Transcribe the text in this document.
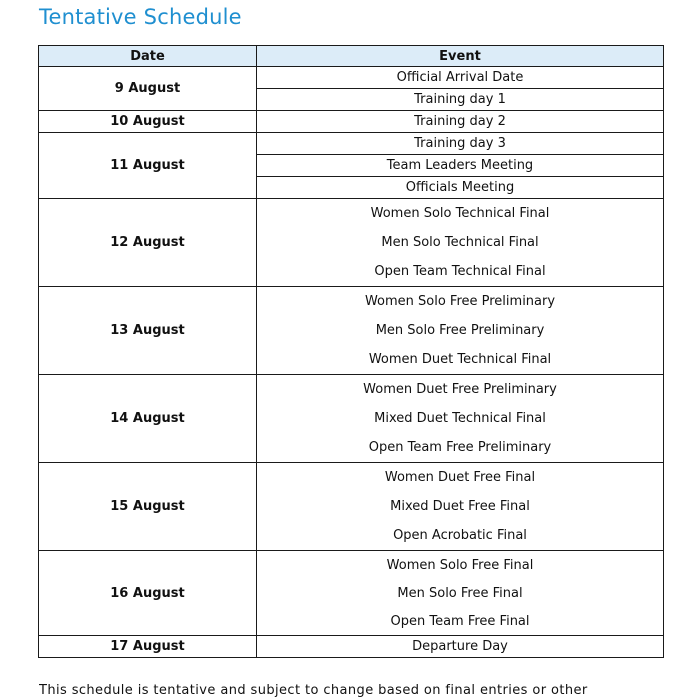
Tentative Schedule
Date	Event
9 August	Official Arrival Date
Training day 1

10 August	Training day 2

11 August	Training day 3
Team Leaders Meeting
Officials Meeting

12 August	Women Solo Technical Final
Men Solo Technical Final
Open Team Technical Final

13 August	Women Solo Free Preliminary
Men Solo Free Preliminary
Women Duet Technical Final

14 August	Women Duet Free Preliminary
Mixed Duet Technical Final
Open Team Free Preliminary

15 August	Women Duet Free Final
Mixed Duet Free Final
Open Acrobatic Final

16 August	Women Solo Free Final
Men Solo Free Final
Open Team Free Final

17 August	Departure Day
This schedule is tentative and subject to change based on final entries or other
